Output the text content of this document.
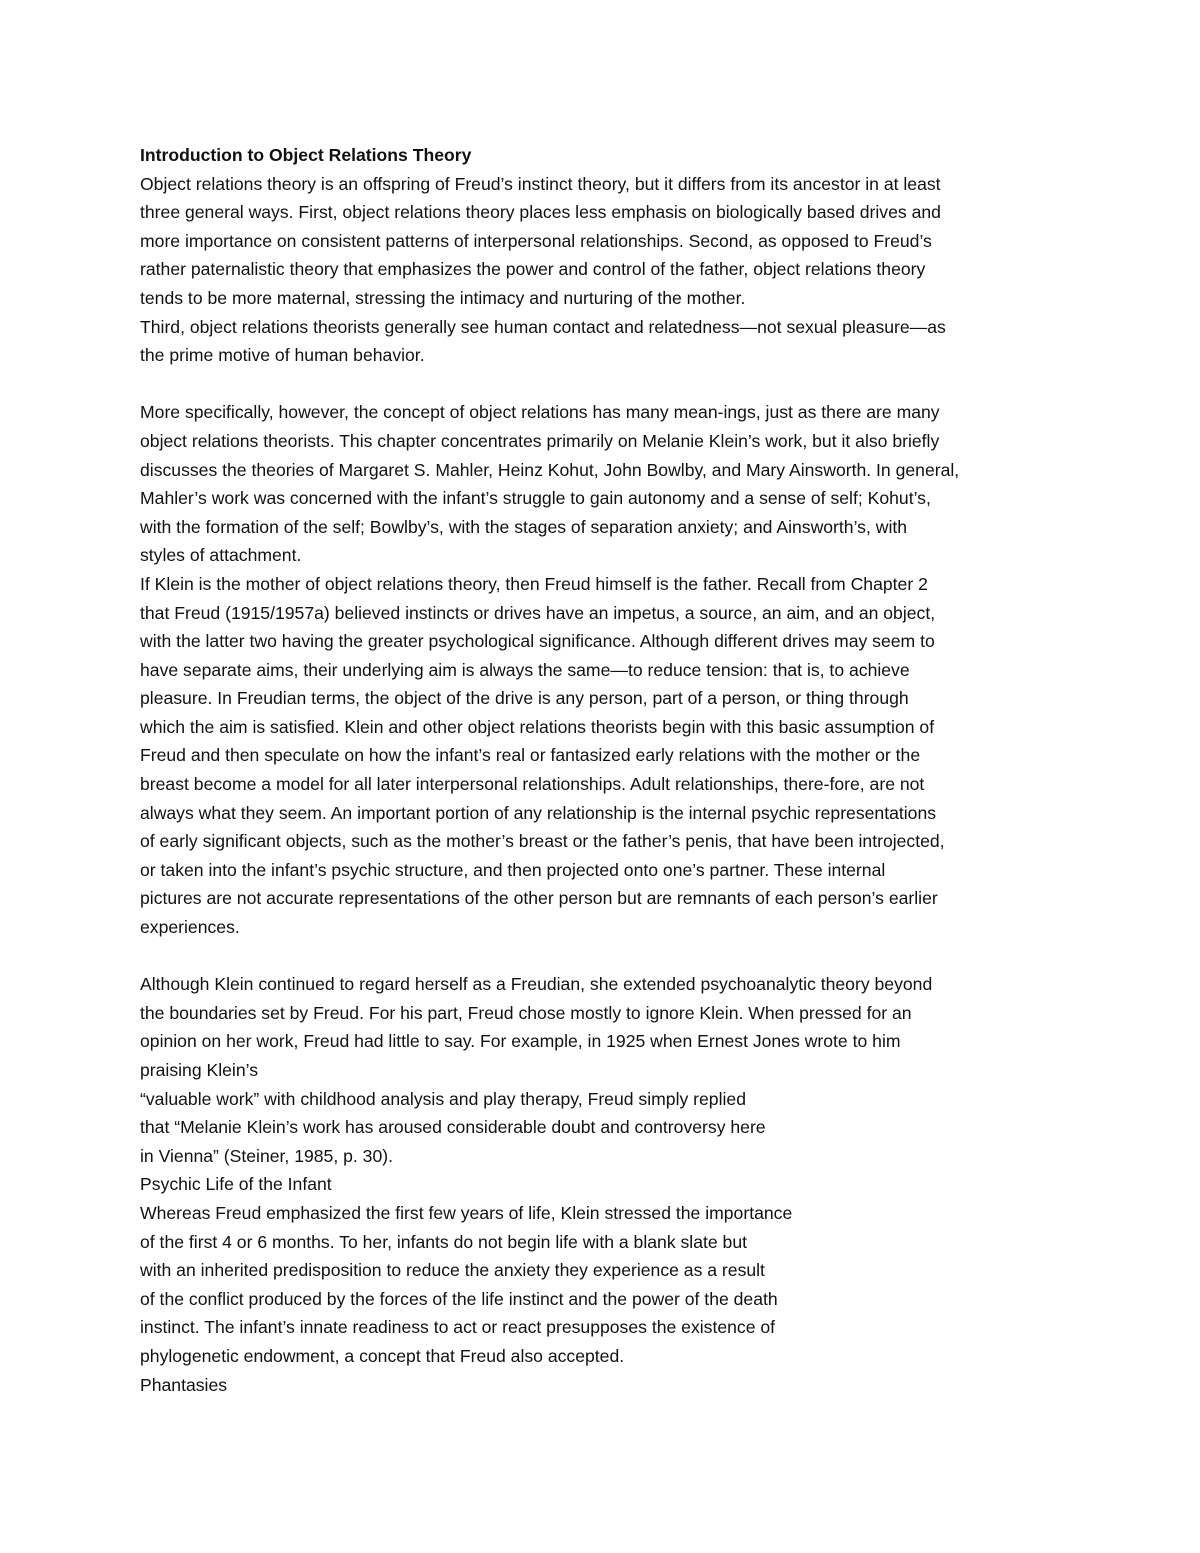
Introduction to Object Relations Theory
Object relations theory is an offspring of Freud’s instinct theory, but it differs from its ancestor in at least
three general ways. First, object relations theory places less emphasis on biologically based drives and
more importance on consistent patterns of interpersonal relationships. Second, as opposed to Freud’s
rather paternalistic theory that emphasizes the power and control of the father, object relations theory
tends to be more maternal, stressing the intimacy and nurturing of the mother.
Third, object relations theorists generally see human contact and relatedness—not sexual pleasure—as
the prime motive of human behavior.
More specifically, however, the concept of object relations has many mean-ings, just as there are many
object relations theorists. This chapter concentrates primarily on Melanie Klein’s work, but it also briefly
discusses the theories of Margaret S. Mahler, Heinz Kohut, John Bowlby, and Mary Ainsworth. In general,
Mahler’s work was concerned with the infant’s struggle to gain autonomy and a sense of self; Kohut’s,
with the formation of the self; Bowlby’s, with the stages of separation anxiety; and Ainsworth’s, with
styles of attachment.
If Klein is the mother of object relations theory, then Freud himself is the father. Recall from Chapter 2
that Freud (1915/1957a) believed instincts or drives have an impetus, a source, an aim, and an object,
with the latter two having the greater psychological significance. Although different drives may seem to
have separate aims, their underlying aim is always the same—to reduce tension: that is, to achieve
pleasure. In Freudian terms, the object of the drive is any person, part of a person, or thing through
which the aim is satisfied. Klein and other object relations theorists begin with this basic assumption of
Freud and then speculate on how the infant’s real or fantasized early relations with the mother or the
breast become a model for all later interpersonal relationships. Adult relationships, there-fore, are not
always what they seem. An important portion of any relationship is the internal psychic representations
of early significant objects, such as the mother’s breast or the father’s penis, that have been introjected,
or taken into the infant’s psychic structure, and then projected onto one’s partner. These internal
pictures are not accurate representations of the other person but are remnants of each person’s earlier
experiences.
Although Klein continued to regard herself as a Freudian, she extended psychoanalytic theory beyond
the boundaries set by Freud. For his part, Freud chose mostly to ignore Klein. When pressed for an
opinion on her work, Freud had little to say. For example, in 1925 when Ernest Jones wrote to him
praising Klein’s
“valuable work” with childhood analysis and play therapy, Freud simply replied
that “Melanie Klein’s work has aroused considerable doubt and controversy here
in Vienna” (Steiner, 1985, p. 30).
Psychic Life of the Infant
Whereas Freud emphasized the first few years of life, Klein stressed the importance
of the first 4 or 6 months. To her, infants do not begin life with a blank slate but
with an inherited predisposition to reduce the anxiety they experience as a result
of the conflict produced by the forces of the life instinct and the power of the death
instinct. The infant’s innate readiness to act or react presupposes the existence of
phylogenetic endowment, a concept that Freud also accepted.
Phantasies
